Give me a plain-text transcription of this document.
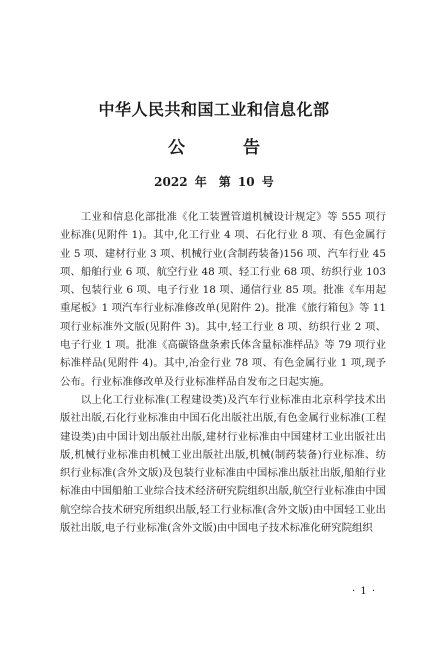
中华人民共和国工业和信息化部
公 告
2022 年　第 10 号

工业和信息化部批准《化工装置管道机械设计规定》等 555 项行业标准(见附件 1)。其中,化工行业 4 项、石化行业 8 项、有色金属行业 5 项、建材行业 3 项、机械行业(含制药装备)156 项、汽车行业 45 项、船舶行业 6 项、航空行业 48 项、轻工行业 68 项、纺织行业 103 项、包装行业 6 项、电子行业 18 项、通信行业 85 项。批准《车用起重尾板》1 项汽车行业标准修改单(见附件 2)。批准《旅行箱包》等 11 项行业标准外文版(见附件 3)。其中,轻工行业 8 项、纺织行业 2 项、电子行业 1 项。批准《高碳铬盘条索氏体含量标准样品》等 79 项行业标准样品(见附件 4)。其中,冶金行业 78 项、有色金属行业 1 项,现予公布。行业标准修改单及行业标准样品自发布之日起实施。

以上化工行业标准(工程建设类)及汽车行业标准由北京科学技术出版社出版,石化行业标准由中国石化出版社出版,有色金属行业标准(工程建设类)由中国计划出版社出版,建材行业标准由中国建材工业出版社出版,机械行业标准由机械工业出版社出版,机械(制药装备)行业标准、纺织行业标准(含外文版)及包装行业标准由中国标准出版社出版,船舶行业标准由中国船舶工业综合技术经济研究院组织出版,航空行业标准由中国航空综合技术研究所组织出版,轻工行业标准(含外文版)由中国轻工业出版社出版,电子行业标准(含外文版)由中国电子技术标准化研究院组织

· 1 ·
